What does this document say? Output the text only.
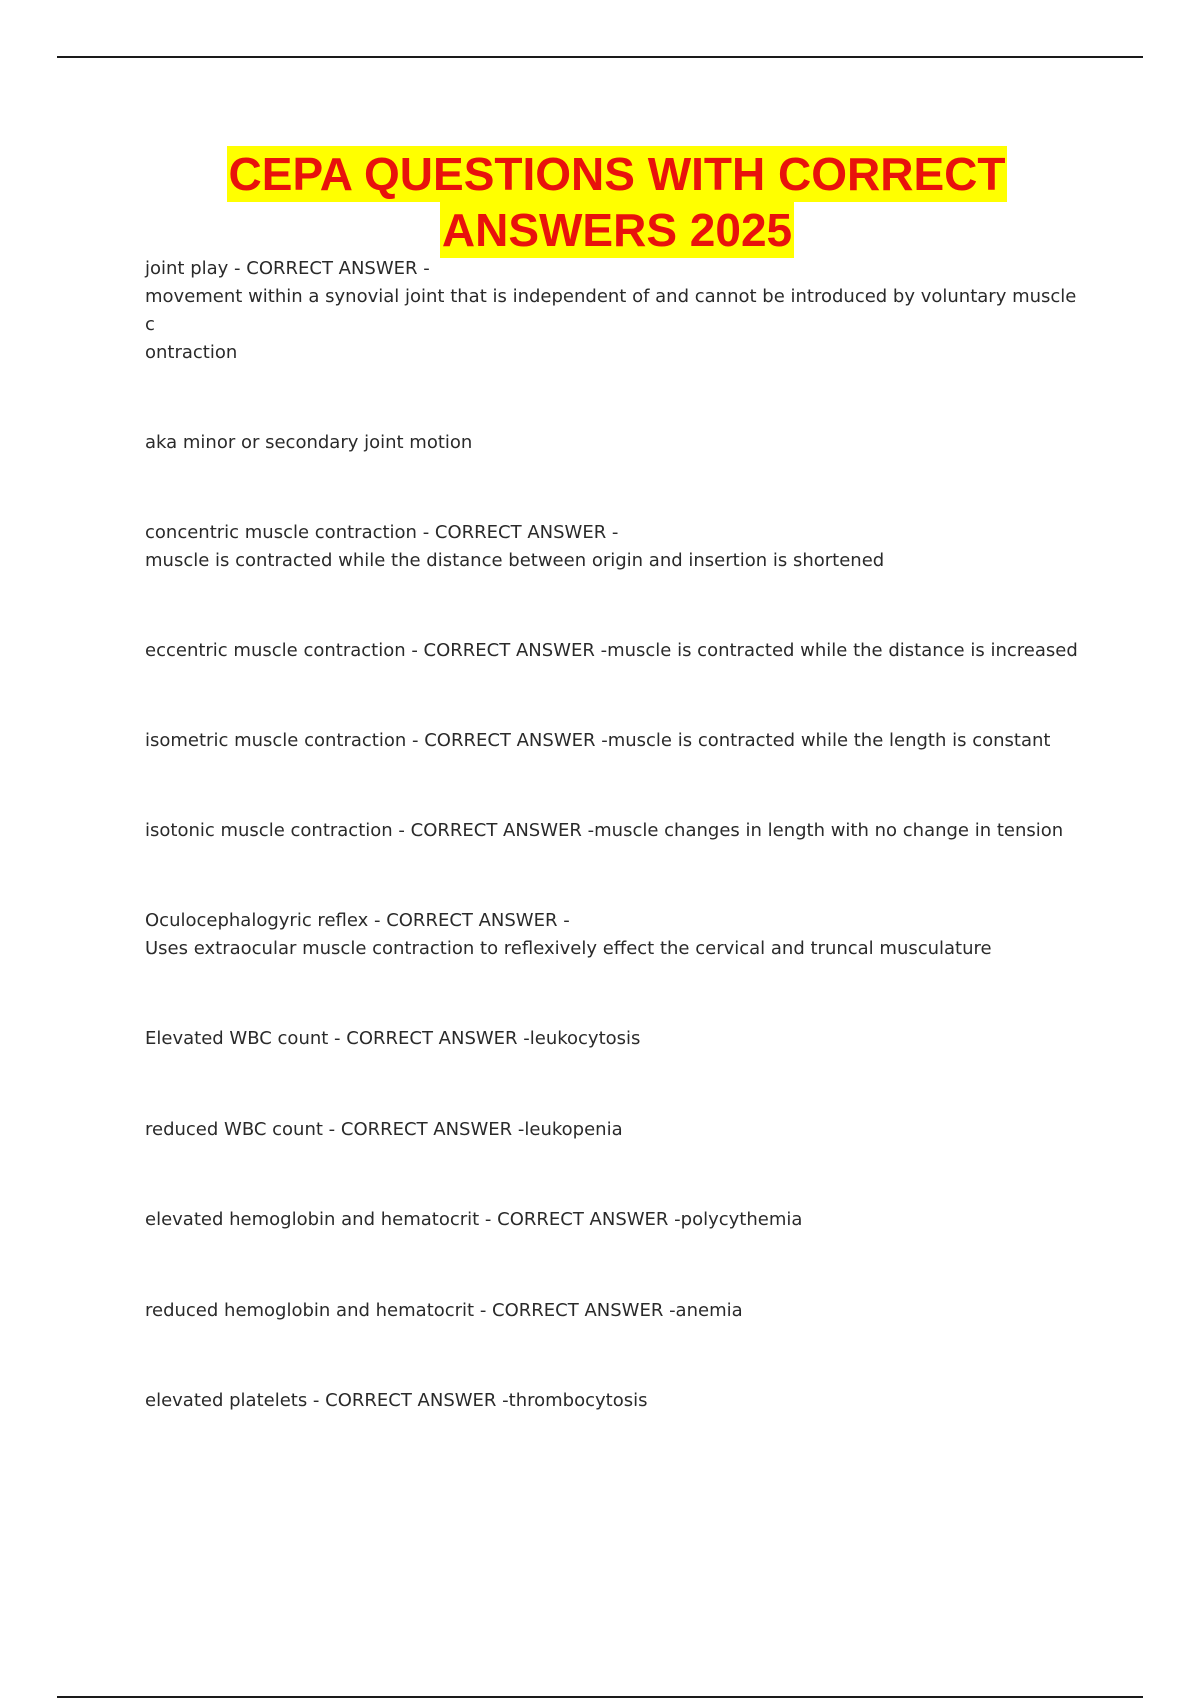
CEPA QUESTIONS WITH CORRECT
ANSWERS 2025
joint play - CORRECT ANSWER -
movement within a synovial joint that is independent of and cannot be introduced by voluntary muscle c
ontraction
aka minor or secondary joint motion
concentric muscle contraction - CORRECT ANSWER -
muscle is contracted while the distance between origin and insertion is shortened
eccentric muscle contraction - CORRECT ANSWER -muscle is contracted while the distance is increased
isometric muscle contraction - CORRECT ANSWER -muscle is contracted while the length is constant
isotonic muscle contraction - CORRECT ANSWER -muscle changes in length with no change in tension
Oculocephalogyric reflex - CORRECT ANSWER -
Uses extraocular muscle contraction to reflexively effect the cervical and truncal musculature
Elevated WBC count - CORRECT ANSWER -leukocytosis
reduced WBC count - CORRECT ANSWER -leukopenia
elevated hemoglobin and hematocrit - CORRECT ANSWER -polycythemia
reduced hemoglobin and hematocrit - CORRECT ANSWER -anemia
elevated platelets - CORRECT ANSWER -thrombocytosis
